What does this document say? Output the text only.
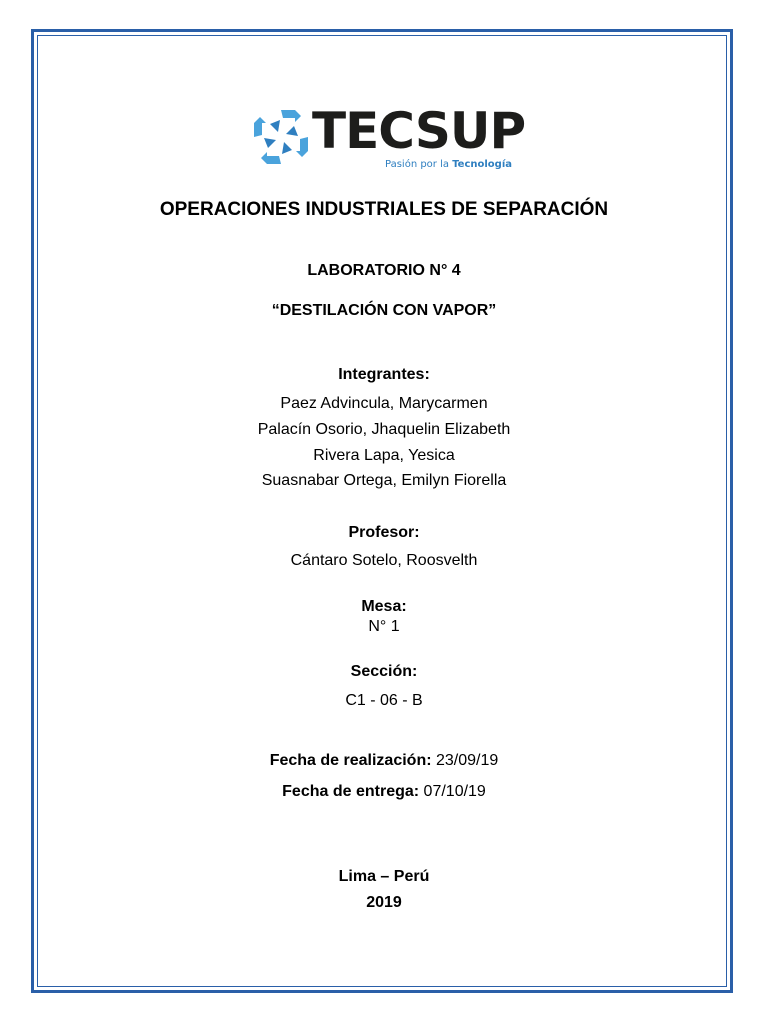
TECSUP
Pasión por la Tecnología
OPERACIONES INDUSTRIALES DE SEPARACIÓN
LABORATORIO N° 4
“DESTILACIÓN CON VAPOR”
Integrantes:
Paez Advincula, Marycarmen
Palacín Osorio, Jhaquelin Elizabeth
Rivera Lapa, Yesica
Suasnabar Ortega, Emilyn Fiorella
Profesor:
Cántaro Sotelo, Roosvelth
Mesa:
N° 1
Sección:
C1 - 06 - B
Fecha de realización: 23/09/19
Fecha de entrega: 07/10/19
Lima – Perú
2019
